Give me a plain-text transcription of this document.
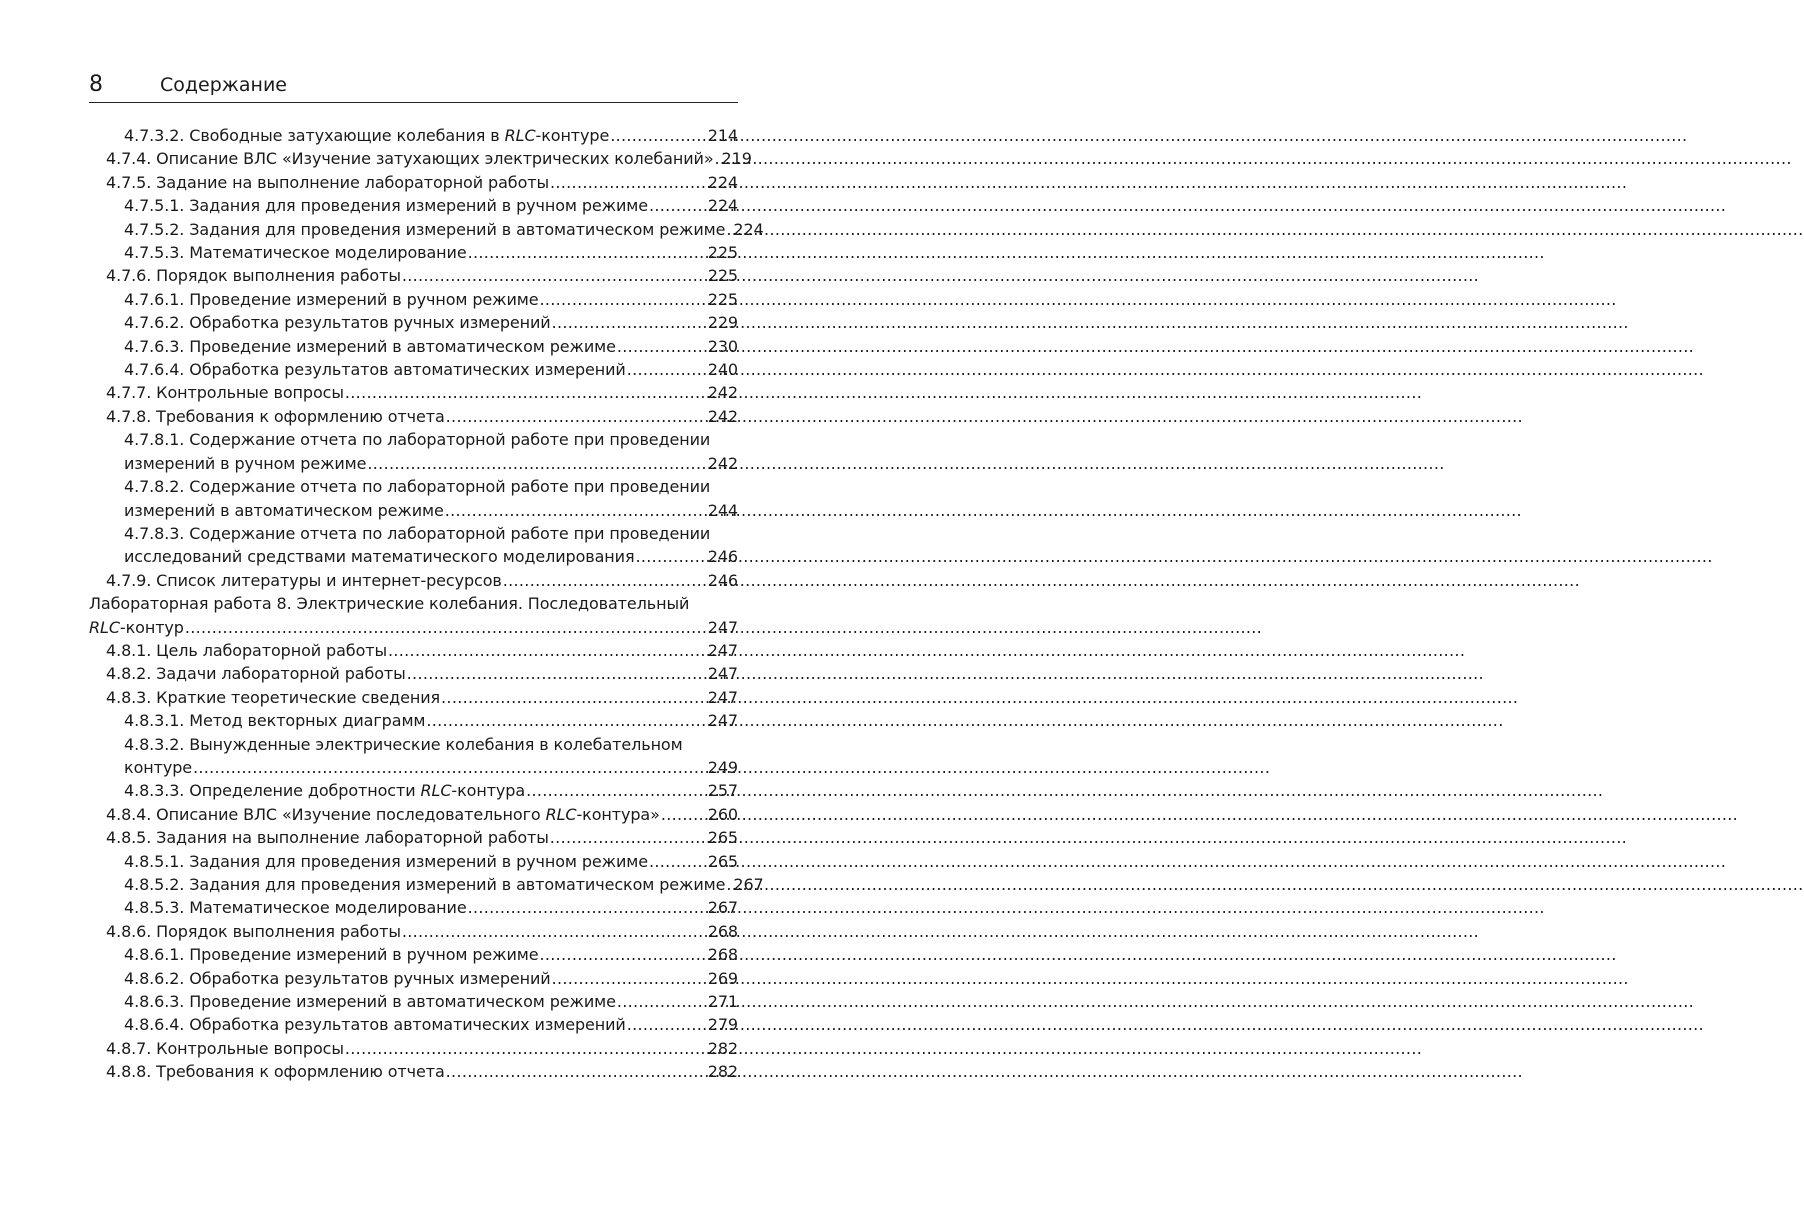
8	Содержание
4.7.3.2. Свободные затухающие колебания в RLC-контуре .....	214
4.7.4. Описание ВЛС «Изучение затухающих электрических колебаний» ..... 219
4.7.5. Задание на выполнение лабораторной работы .....	224
4.7.5.1. Задания для проведения измерений в ручном режиме .....	224
4.7.5.2. Задания для проведения измерений в автоматическом режиме ..... 224
4.7.5.3. Математическое моделирование .....	225
4.7.6. Порядок выполнения работы .....	225
4.7.6.1. Проведение измерений в ручном режиме .....	225
4.7.6.2. Обработка результатов ручных измерений .....	229
4.7.6.3. Проведение измерений в автоматическом режиме .....	230
4.7.6.4. Обработка результатов автоматических измерений .....	240
4.7.7. Контрольные вопросы .....	242
4.7.8. Требования к оформлению отчета .....	242
4.7.8.1. Содержание отчета по лабораторной работе при проведении
измерений в ручном режиме .....	242
4.7.8.2. Содержание отчета по лабораторной работе при проведении
измерений в автоматическом режиме .....	244
4.7.8.3. Содержание отчета по лабораторной работе при проведении
исследований средствами математического моделирования .....	246
4.7.9. Список литературы и интернет-ресурсов .....	246
Лабораторная работа 8. Электрические колебания. Последовательный
RLC-контур .....	247
4.8.1. Цель лабораторной работы .....	247
4.8.2. Задачи лабораторной работы .....	247
4.8.3. Краткие теоретические сведения .....	247
4.8.3.1. Метод векторных диаграмм .....	247
4.8.3.2. Вынужденные электрические колебания в колебательном
контуре .....	249
4.8.3.3. Определение добротности RLC-контура .....	257
4.8.4. Описание ВЛС «Изучение последовательного RLC-контура» .....	260
4.8.5. Задания на выполнение лабораторной работы .....	265
4.8.5.1. Задания для проведения измерений в ручном режиме .....	265
4.8.5.2. Задания для проведения измерений в автоматическом режиме ..... 267
4.8.5.3. Математическое моделирование .....	267
4.8.6. Порядок выполнения работы .....	268
4.8.6.1. Проведение измерений в ручном режиме .....	268
4.8.6.2. Обработка результатов ручных измерений .....	269
4.8.6.3. Проведение измерений в автоматическом режиме .....	271
4.8.6.4. Обработка результатов автоматических измерений .....	279
4.8.7. Контрольные вопросы .....	282
4.8.8. Требования к оформлению отчета .....	282
